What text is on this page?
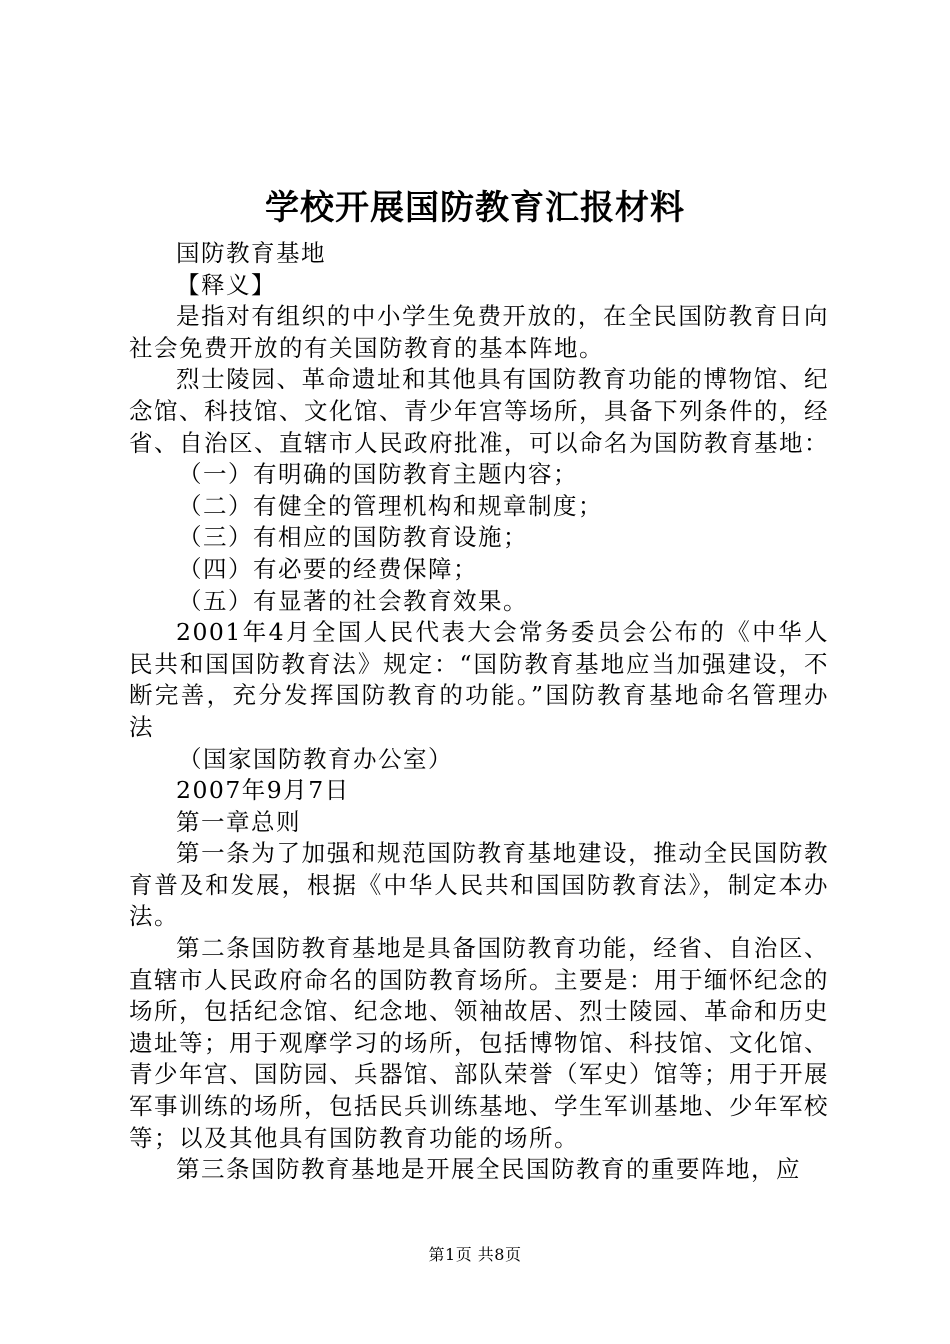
学校开展国防教育汇报材料

国防教育基地

【释义】

是指对有组织的中小学生免费开放的，在全民国防教育日向社会免费开放的有关国防教育的基本阵地。

烈士陵园、革命遗址和其他具有国防教育功能的博物馆、纪念馆、科技馆、文化馆、青少年宫等场所，具备下列条件的，经省、自治区、直辖市人民政府批准，可以命名为国防教育基地：

（一）有明确的国防教育主题内容；

（二）有健全的管理机构和规章制度；

（三）有相应的国防教育设施；

（四）有必要的经费保障；

（五）有显著的社会教育效果。

2001年4月全国人民代表大会常务委员会公布的《中华人民共和国国防教育法》规定：“国防教育基地应当加强建设，不断完善，充分发挥国防教育的功能。”国防教育基地命名管理办法

（国家国防教育办公室）

2007年9月7日

第一章总则

第一条为了加强和规范国防教育基地建设，推动全民国防教育普及和发展，根据《中华人民共和国国防教育法》，制定本办法。

第二条国防教育基地是具备国防教育功能，经省、自治区、直辖市人民政府命名的国防教育场所。主要是：用于缅怀纪念的场所，包括纪念馆、纪念地、领袖故居、烈士陵园、革命和历史遗址等；用于观摩学习的场所，包括博物馆、科技馆、文化馆、青少年宫、国防园、兵器馆、部队荣誉（军史）馆等；用于开展军事训练的场所，包括民兵训练基地、学生军训基地、少年军校等；以及其他具有国防教育功能的场所。

第三条国防教育基地是开展全民国防教育的重要阵地，应

第1页 共8页
